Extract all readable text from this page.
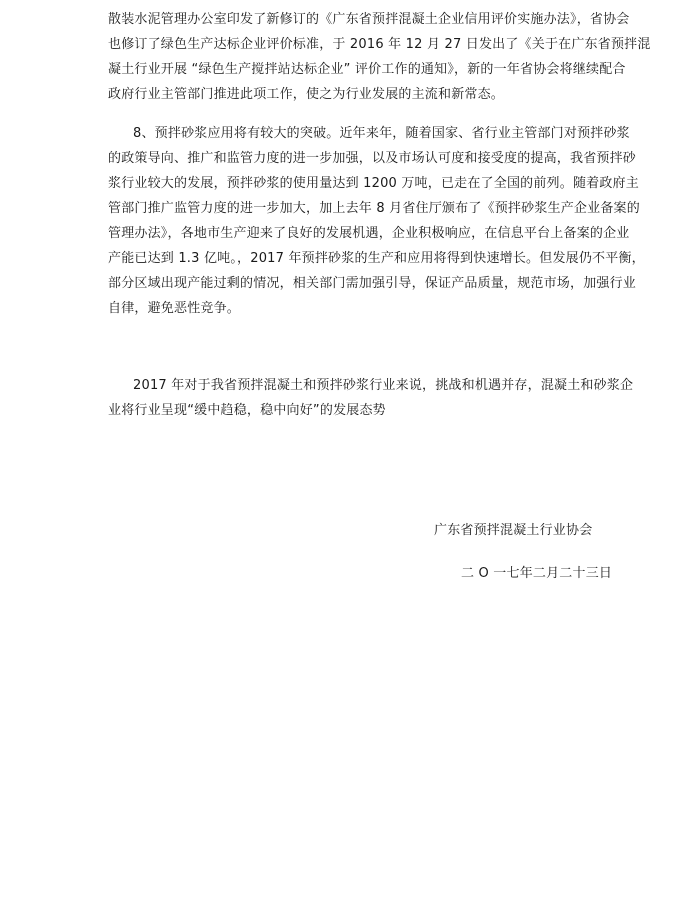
散装水泥管理办公室印发了新修订的《广东省预拌混凝土企业信用评价实施办法》，省协会
也修订了绿色生产达标企业评价标准，于 2016 年 12 月 27 日发出了《关于在广东省预拌混
凝土行业开展 “绿色生产搅拌站达标企业” 评价工作的通知》，新的一年省协会将继续配合
政府行业主管部门推进此项工作，使之为行业发展的主流和新常态。
8、预拌砂浆应用将有较大的突破。近年来年，随着国家、省行业主管部门对预拌砂浆
的政策导向、推广和监管力度的进一步加强，以及市场认可度和接受度的提高，我省预拌砂
浆行业较大的发展，预拌砂浆的使用量达到 1200 万吨，已走在了全国的前列。随着政府主
管部门推广监管力度的进一步加大，加上去年 8 月省住厅颁布了《预拌砂浆生产企业备案的
管理办法》，各地市生产迎来了良好的发展机遇，企业积极响应，在信息平台上备案的企业
产能已达到 1.3 亿吨。，2017 年预拌砂浆的生产和应用将得到快速增长。但发展仍不平衡，
部分区域出现产能过剩的情况，相关部门需加强引导，保证产品质量，规范市场，加强行业
自律，避免恶性竞争。
2017 年对于我省预拌混凝土和预拌砂浆行业来说，挑战和机遇并存，混凝土和砂浆企
业将行业呈现“缓中趋稳，稳中向好”的发展态势
广东省预拌混凝土行业协会
二 O 一七年二月二十三日
